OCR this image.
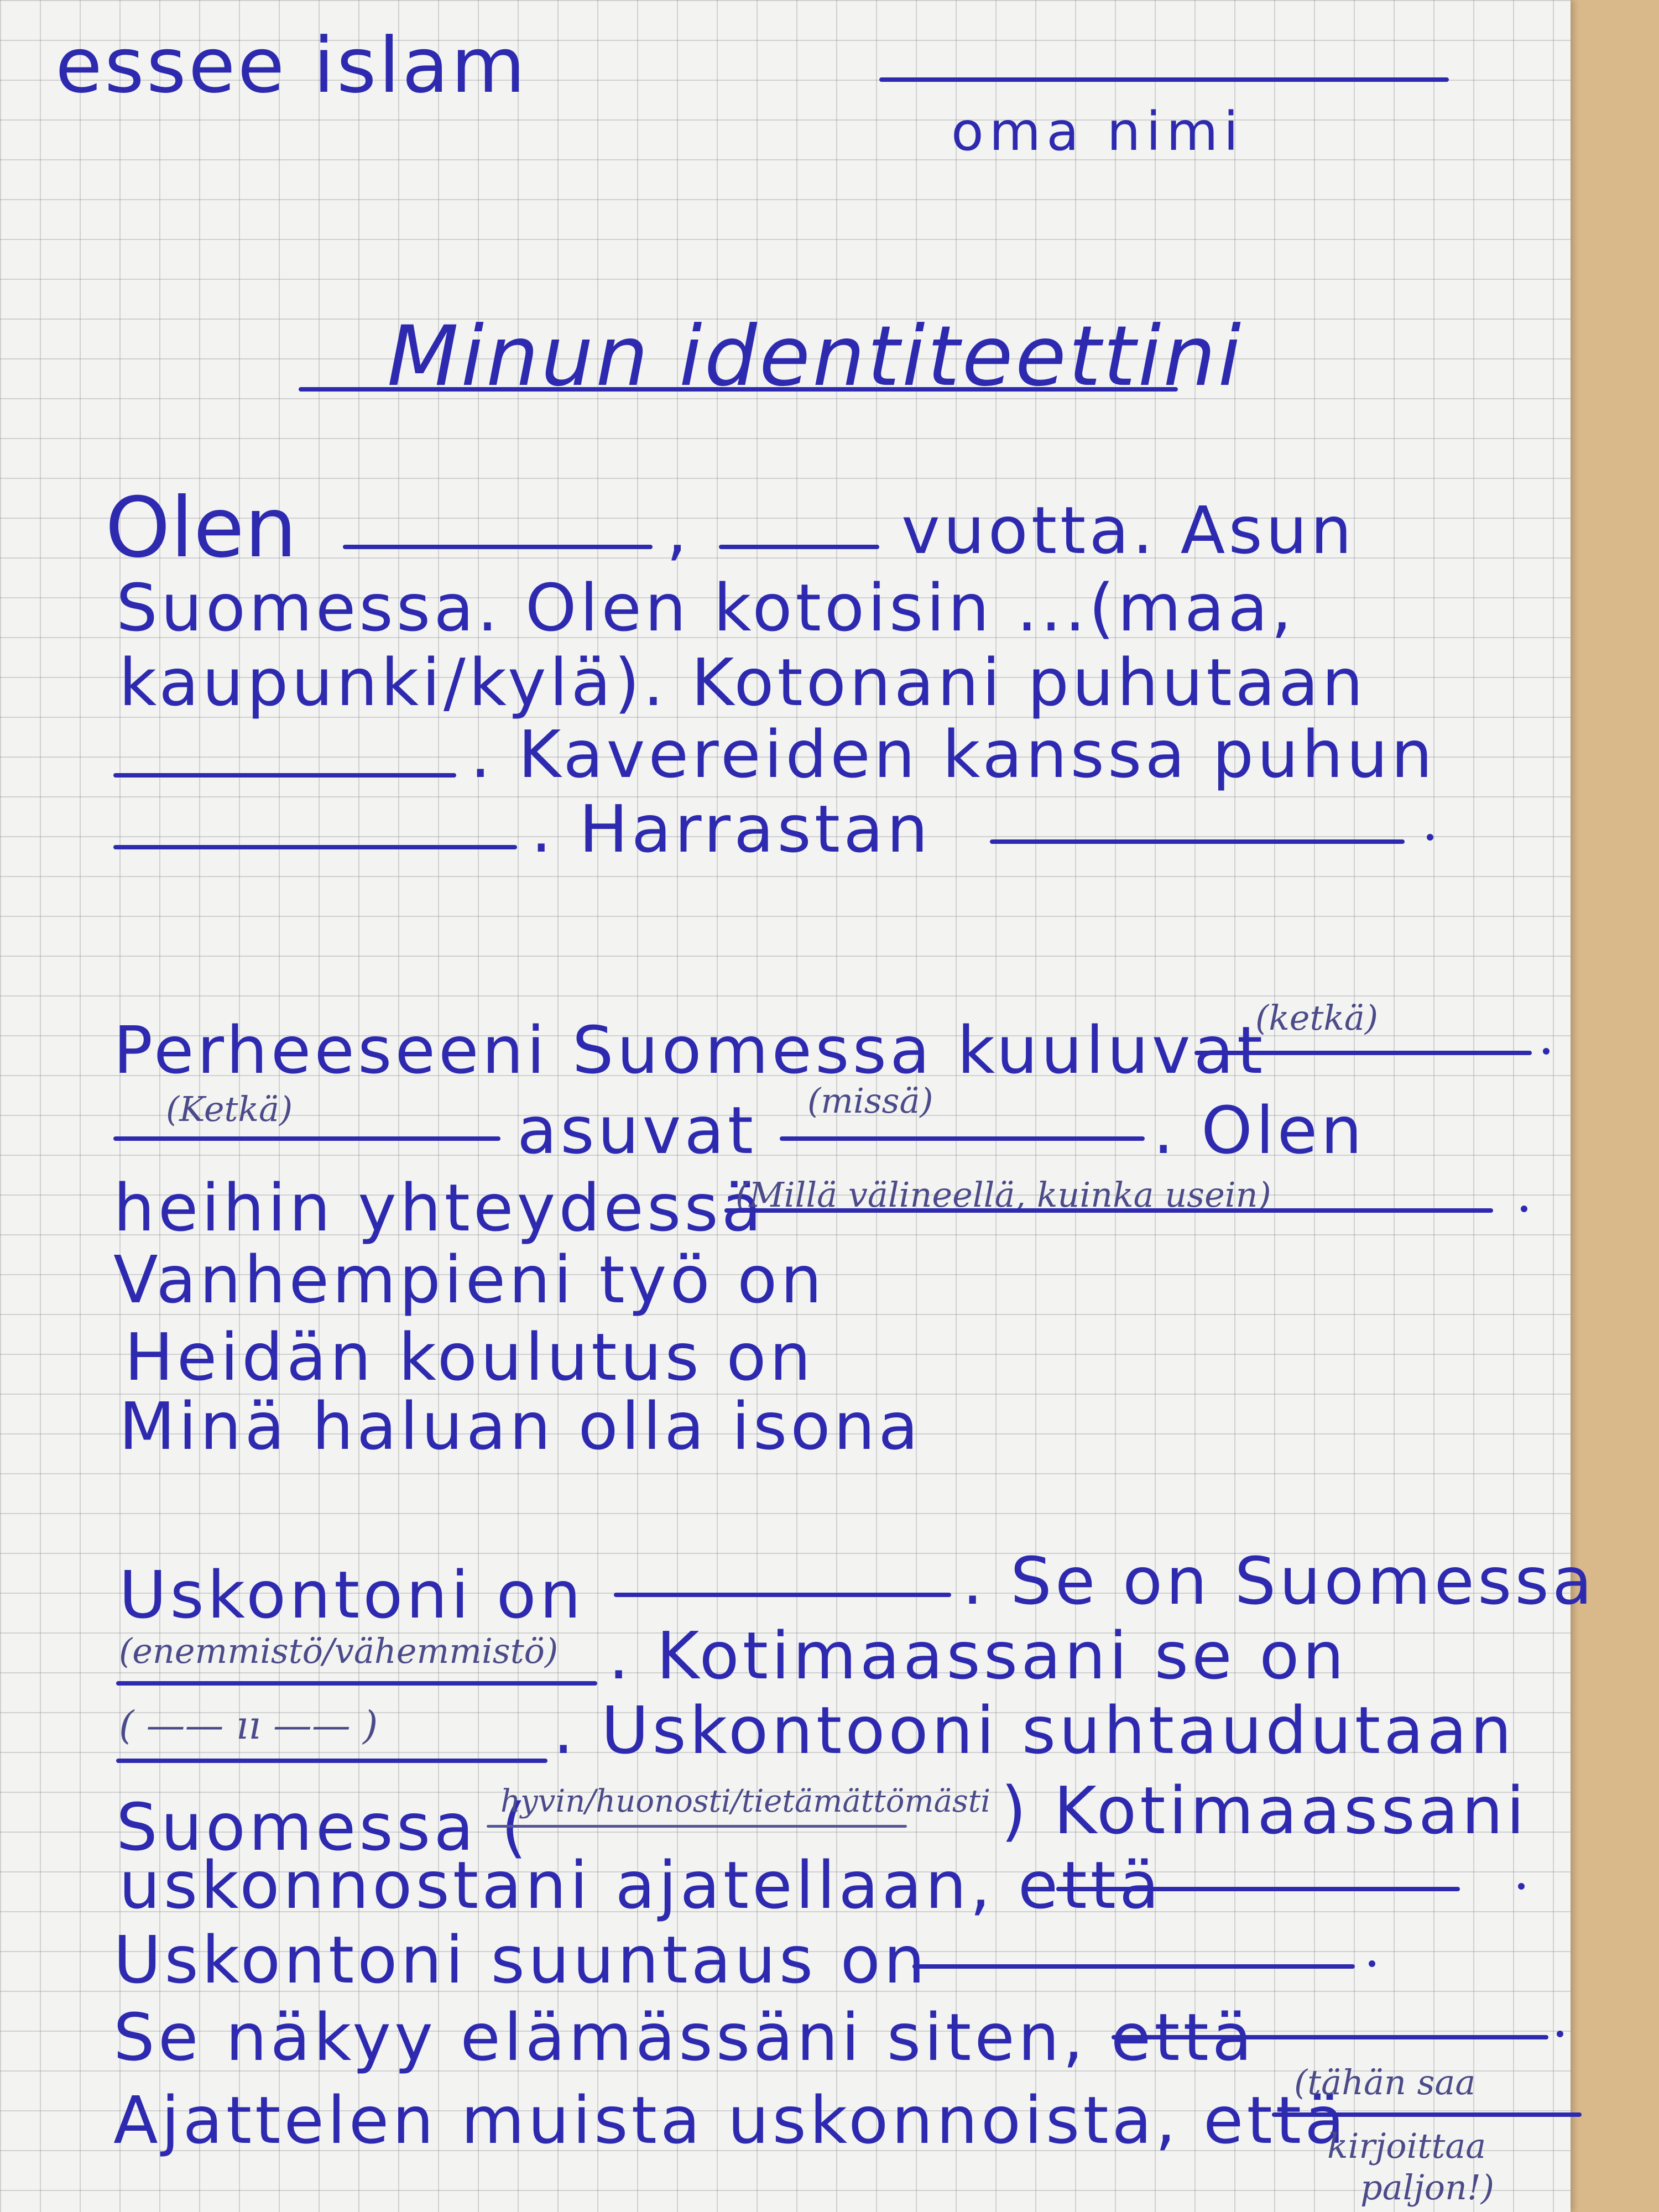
essee islam
oma nimi
Minun identiteettini
Olen	,	vuotta. Asun
Suomessa. Olen kotoisin ...(maa,
kaupunki/kylä). Kotonani puhutaan
. Kavereiden kanssa puhun
. Harrastan
Perheeseeni Suomessa kuuluvat
(ketkä)
(Ketkä)	asuvat (missä)	. Olen
heihin yhteydessä
(Millä välineellä, kuinka usein)
Vanhempieni työ on
Heidän koulutus on
Minä haluan olla isona
Uskontoni on	. Se on Suomessa
(enemmistö/vähemmistö) . Kotimaassani se on
( —— ıı —— )	. Uskontooni suhtaudutaan
Suomessa (
hyvin/huonosti/tietämättömästi ) Kotimaassani
uskonnostani ajatellaan, että
Uskontoni suuntaus on
Se näkyy elämässäni siten, että
Ajattelen muista uskonnoista, että
(tähän saa
kirjoittaa
paljon!)
